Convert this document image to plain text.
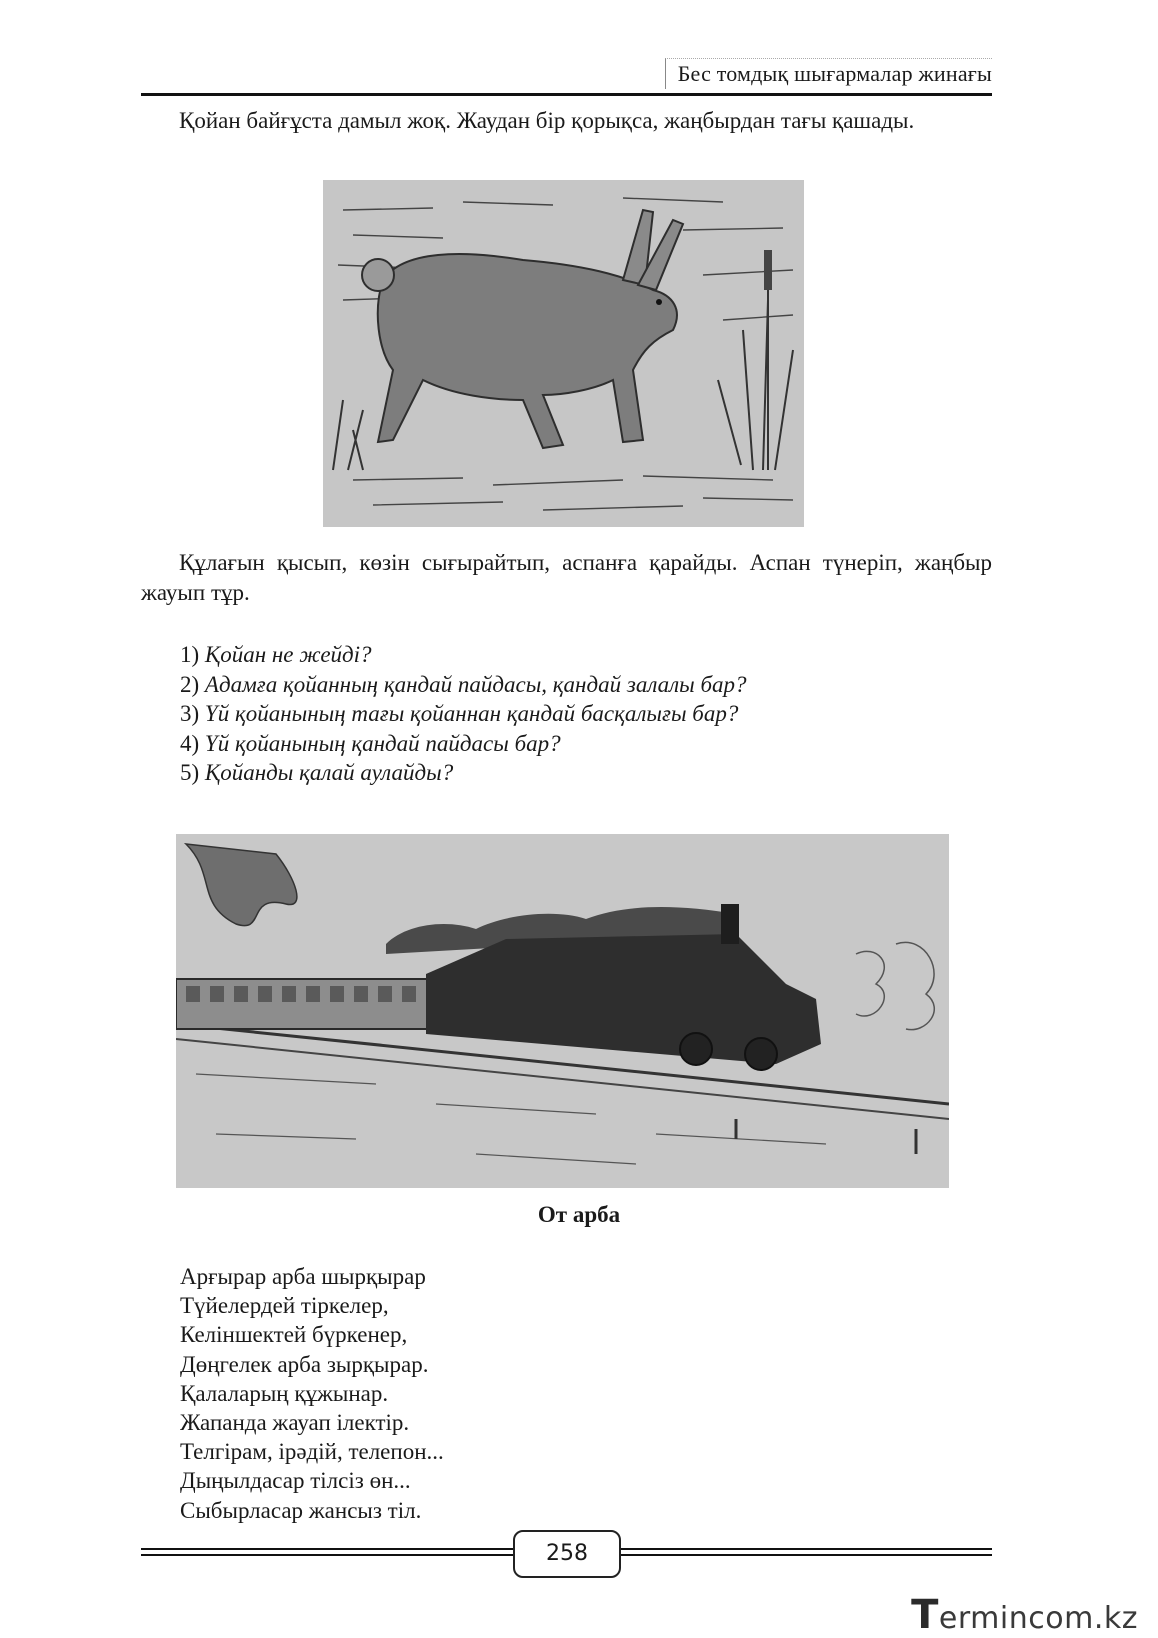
Бес томдық шығармалар жинағы

Қойан байғұста дамыл жоқ. Жаудан бір қорықса, жаңбырдан тағы қашады.

Құлағын қысып, көзін сығырайтып, аспанға қарайды. Аспан түнеріп, жаңбыр жауып тұр.

1) Қойан не жейді?
2) Адамға қойанның қандай пайдасы, қандай залалы бар?
3) Үй қойанының тағы қойаннан қандай басқалығы бар?
4) Үй қойанының қандай пайдасы бар?
5) Қойанды қалай аулайды?
От арба
Арғырар арба шырқырар
Түйелердей тіркелер,
Келіншектей бүркенер,
Дөңгелек арба зырқырар.
Қалаларың құжынар.
Жапанда жауап ілектір.
Телгірам, ірәдій, телепон...
Дыңылдасар тілсіз өн...
Сыбырласар жансыз тіл.
258
Termincom.kz
